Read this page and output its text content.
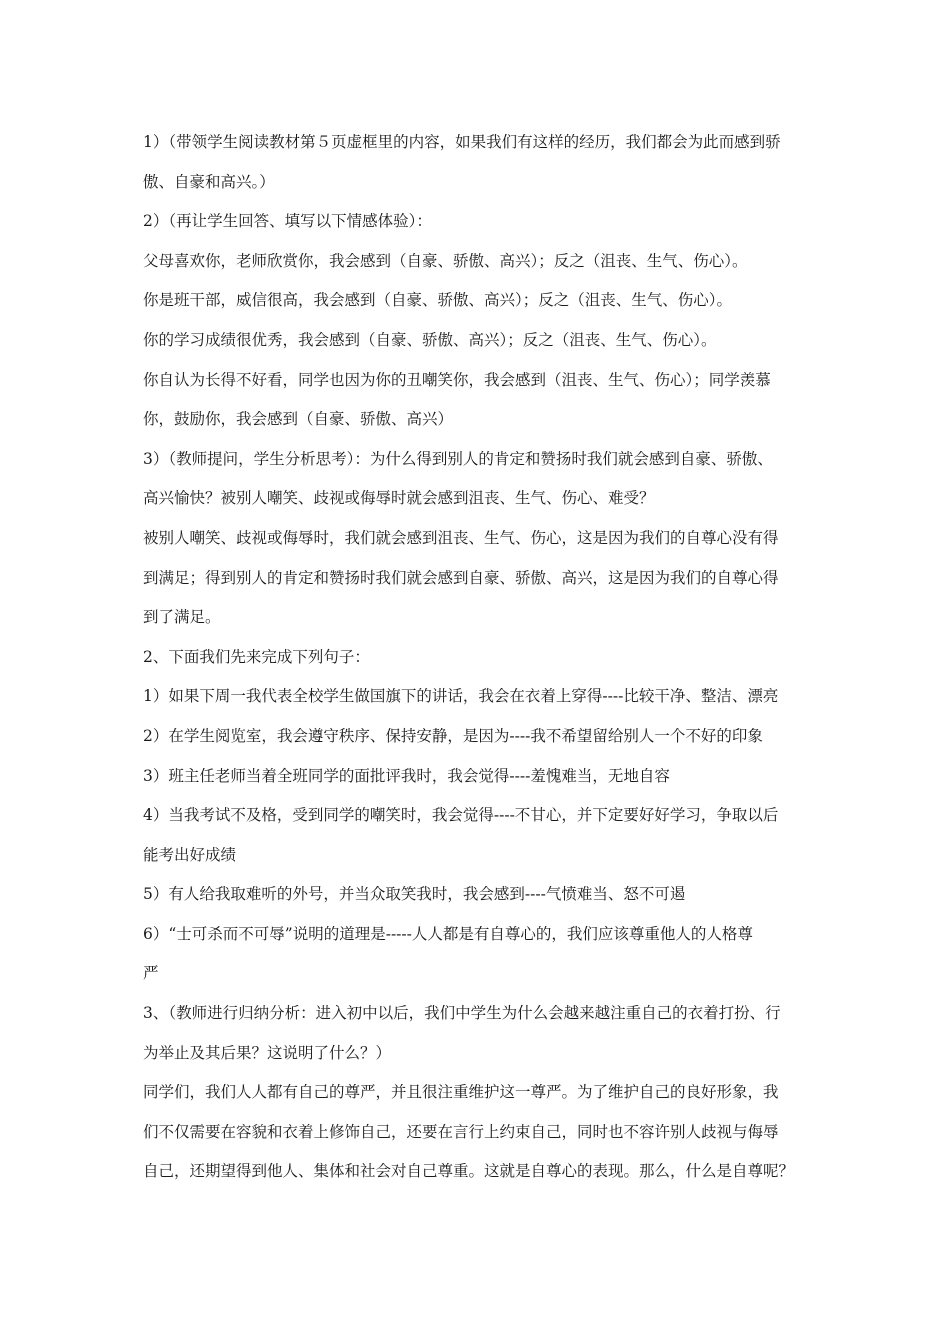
1）（带领学生阅读教材第５页虚框里的内容，如果我们有这样的经历，我们都会为此而感到骄
傲、自豪和高兴。）
2）（再让学生回答、填写以下情感体验）：
父母喜欢你，老师欣赏你，我会感到（自豪、骄傲、高兴）；反之（沮丧、生气、伤心）。
你是班干部，威信很高，我会感到（自豪、骄傲、高兴）；反之（沮丧、生气、伤心）。
你的学习成绩很优秀，我会感到（自豪、骄傲、高兴）；反之（沮丧、生气、伤心）。
你自认为长得不好看，同学也因为你的丑嘲笑你，我会感到（沮丧、生气、伤心）；同学羡慕
你，鼓励你，我会感到（自豪、骄傲、高兴）
3）（教师提问，学生分析思考）：为什么得到别人的肯定和赞扬时我们就会感到自豪、骄傲、
高兴愉快？被别人嘲笑、歧视或侮辱时就会感到沮丧、生气、伤心、难受？
被别人嘲笑、歧视或侮辱时，我们就会感到沮丧、生气、伤心，这是因为我们的自尊心没有得
到满足；得到别人的肯定和赞扬时我们就会感到自豪、骄傲、高兴，这是因为我们的自尊心得
到了满足。
2、下面我们先来完成下列句子：
1）如果下周一我代表全校学生做国旗下的讲话，我会在衣着上穿得----比较干净、整洁、漂亮
2）在学生阅览室，我会遵守秩序、保持安静，是因为----我不希望留给别人一个不好的印象
3）班主任老师当着全班同学的面批评我时，我会觉得----羞愧难当，无地自容
4）当我考试不及格，受到同学的嘲笑时，我会觉得----不甘心，并下定要好好学习，争取以后
能考出好成绩
5）有人给我取难听的外号，并当众取笑我时，我会感到----气愤难当、怒不可遏
6）“士可杀而不可辱”说明的道理是-----人人都是有自尊心的，我们应该尊重他人的人格尊
严
3、（教师进行归纳分析：进入初中以后，我们中学生为什么会越来越注重自己的衣着打扮、行
为举止及其后果？这说明了什么？）
同学们，我们人人都有自己的尊严，并且很注重维护这一尊严。为了维护自己的良好形象，我
们不仅需要在容貌和衣着上修饰自己，还要在言行上约束自己，同时也不容许别人歧视与侮辱
自己，还期望得到他人、集体和社会对自己尊重。这就是自尊心的表现。那么，什么是自尊呢？
